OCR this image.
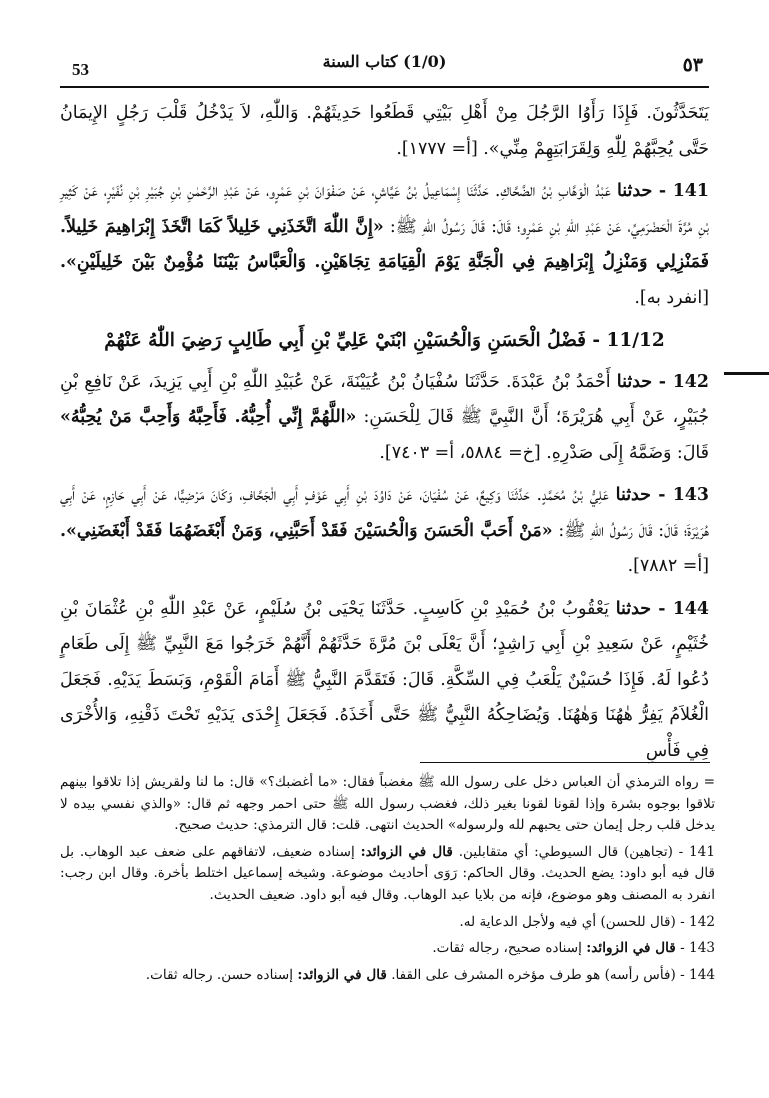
53	(1/0) كتاب السنة	٥٣

يَتَحَدَّثُونَ. فَإِذَا رَأَوُا الرَّجُلَ مِنْ أَهْلِ بَيْتِي قَطَعُوا حَدِيثَهُمْ. وَاللّٰهِ، لاَ يَدْخُلُ قَلْبَ رَجُلٍ الإِيمَانُ حَتَّى يُحِبَّهُمْ لِلّٰهِ وَلِقَرَابَتِهِمْ مِنِّي». [أ= ١٧٧٧].

141 - حدثنا عَبْدُ الْوَهَّابِ بْنُ الضَّحَّاكِ. حَدَّثَنَا إِسْمَاعِيلُ بْنُ عَيَّاشٍ، عَنْ صَفْوَانَ بْنِ عَمْرٍو، عَنْ عَبْدِ الرَّحْمٰنِ بْنِ جُبَيْرِ بْنِ نُفَيْرٍ، عَنْ كَثِيرِ بْنِ مُرَّةَ الْحَضْرَمِيِّ، عَنْ عَبْدِ اللّٰهِ بْنِ عَمْرٍو؛ قَالَ: قَالَ رَسُولُ اللّٰهِ ﷺ: «إِنَّ اللّٰهَ اتَّخَذَنِي خَلِيلاً كَمَا اتَّخَذَ إِبْرَاهِيمَ خَلِيلاً. فَمَنْزِلِي وَمَنْزِلُ إِبْرَاهِيمَ فِي الْجَنَّةِ يَوْمَ الْقِيَامَةِ تِجَاهَيْنِ. وَالْعَبَّاسُ بَيْنَنَا مُؤْمِنٌ بَيْنَ خَلِيلَيْنِ». [انفرد به].

11/12 - فَضْلُ الْحَسَنِ وَالْحُسَيْنِ ابْنَيْ عَلِيِّ بْنِ أَبِي طَالِبٍ رَضِيَ اللّٰهُ عَنْهُمْ

142 - حدثنا أَحْمَدُ بْنُ عَبْدَةَ. حَدَّثَنَا سُفْيَانُ بْنُ عُيَيْنَةَ، عَنْ عُبَيْدِ اللّٰهِ بْنِ أَبِي يَزِيدَ، عَنْ نَافِعِ بْنِ جُبَيْرٍ، عَنْ أَبِي هُرَيْرَةَ؛ أَنَّ النَّبِيَّ ﷺ قَالَ لِلْحَسَنِ: «اللَّهُمَّ إِنِّي أُحِبُّهُ. فَأَحِبَّهُ وَأَحِبَّ مَنْ يُحِبُّهُ» قَالَ: وَضَمَّهُ إِلَى صَدْرِهِ. [خ= ٥٨٨٤، أ= ٧٤٠٣].

143 - حدثنا عَلِيُّ بْنُ مُحَمَّدٍ. حَدَّثَنَا وَكِيعٌ، عَنْ سُفْيَانَ، عَنْ دَاوُدَ بْنِ أَبِي عَوْفٍ أَبِي الْجَحَّافِ، وَكَانَ مَرْضِيًّا، عَنْ أَبِي حَازِمٍ، عَنْ أَبِي هُرَيْرَةَ؛ قَالَ: قَالَ رَسُولُ اللّٰهِ ﷺ: «مَنْ أَحَبَّ الْحَسَنَ وَالْحُسَيْنَ فَقَدْ أَحَبَّنِي، وَمَنْ أَبْغَضَهُمَا فَقَدْ أَبْغَضَنِي». [أ= ٧٨٨٢].

144 - حدثنا يَعْقُوبُ بْنُ حُمَيْدِ بْنِ كَاسِبٍ. حَدَّثَنَا يَحْيَى بْنُ سُلَيْمٍ، عَنْ عَبْدِ اللّٰهِ بْنِ عُثْمَانَ بْنِ خُثَيْمٍ، عَنْ سَعِيدِ بْنِ أَبِي رَاشِدٍ؛ أَنَّ يَعْلَى بْنَ مُرَّةَ حَدَّثَهُمْ أَنَّهُمْ خَرَجُوا مَعَ النَّبِيِّ ﷺ إِلَى طَعَامٍ دُعُوا لَهُ. فَإِذَا حُسَيْنٌ يَلْعَبُ فِي السِّكَّةِ. قَالَ: فَتَقَدَّمَ النَّبِيُّ ﷺ أَمَامَ الْقَوْمِ، وَبَسَطَ يَدَيْهِ. فَجَعَلَ الْغُلاَمُ يَفِرُّ هٰهُنَا وَهٰهُنَا. وَيُضَاحِكُهُ النَّبِيُّ ﷺ حَتَّى أَخَذَهُ. فَجَعَلَ إِحْدَى يَدَيْهِ تَحْتَ ذَقْنِهِ، وَالأُخْرَى فِي فَأْسِ

= رواه الترمذي أن العباس دخل على رسول الله ﷺ مغضباً فقال: «ما أغضبك؟» قال: ما لنا ولقريش إذا تلاقوا بينهم تلاقوا بوجوه بشرة وإذا لقونا لقونا بغير ذلك، فغضب رسول الله ﷺ حتى احمر وجهه ثم قال: «والذي نفسي بيده لا يدخل قلب رجل إيمان حتى يحبهم لله ولرسوله» الحديث انتهى. قلت: قال الترمذي: حديث صحيح.

141 - (تجاهين) قال السيوطي: أي متقابلين. قال في الزوائد: إسناده ضعيف، لاتفاقهم على ضعف عبد الوهاب. بل قال فيه أبو داود: يضع الحديث. وقال الحاكم: رَوَى أحاديث موضوعة. وشيخه إسماعيل اختلط بأخرة. وقال ابن رجب: انفرد به المصنف وهو موضوع، فإنه من بلايا عبد الوهاب. وقال فيه أبو داود. ضعيف الحديث.

142 - (قال للحسن) أي فيه ولأجل الدعاية له.

143 - قال في الزوائد: إسناده صحيح، رجاله ثقات.

144 - (فأس رأسه) هو طرف مؤخره المشرف على القفا. قال في الزوائد: إسناده حسن. رجاله ثقات.
